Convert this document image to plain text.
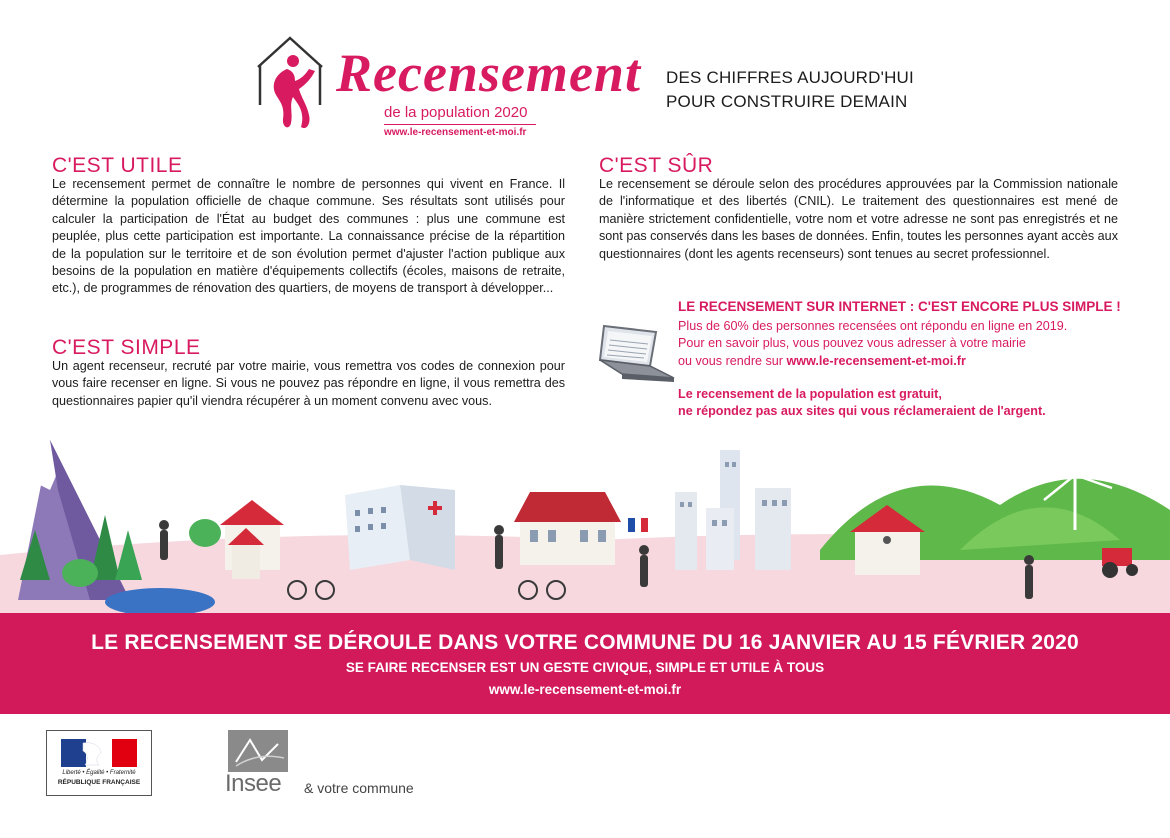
Recensement
de la population 2020
www.le-recensement-et-moi.fr
DES CHIFFRES AUJOURD'HUI
POUR CONSTRUIRE DEMAIN
C'EST UTILE
Le recensement permet de connaître le nombre de personnes qui vivent en France. Il détermine la population officielle de chaque commune. Ses résultats sont utilisés pour calculer la participation de l'État au budget des communes : plus une commune est peuplée, plus cette participation est importante. La connaissance précise de la répartition de la population sur le territoire et de son évolution permet d'ajuster l'action publique aux besoins de la population en matière d'équipements collectifs (écoles, maisons de retraite, etc.), de programmes de rénovation des quartiers, de moyens de transport à développer...
C'EST SIMPLE
Un agent recenseur, recruté par votre mairie, vous remettra vos codes de connexion pour vous faire recenser en ligne. Si vous ne pouvez pas répondre en ligne, il vous remettra des questionnaires papier qu'il viendra récupérer à un moment convenu avec vous.
C'EST SÛR
Le recensement se déroule selon des procédures approuvées par la Commission nationale de l'informatique et des libertés (CNIL). Le traitement des questionnaires est mené de manière strictement confidentielle, votre nom et votre adresse ne sont pas enregistrés et ne sont pas conservés dans les bases de données. Enfin, toutes les personnes ayant accès aux questionnaires (dont les agents recenseurs) sont tenues au secret professionnel.
LE RECENSEMENT SUR INTERNET : C'EST ENCORE PLUS SIMPLE !
Plus de 60% des personnes recensées ont répondu en ligne en 2019.
Pour en savoir plus, vous pouvez vous adresser à votre mairie
ou vous rendre sur www.le-recensement-et-moi.fr
Le recensement de la population est gratuit,
ne répondez pas aux sites qui vous réclameraient de l'argent.
LE RECENSEMENT SE DÉROULE DANS VOTRE COMMUNE DU 16 JANVIER AU 15 FÉVRIER 2020
SE FAIRE RECENSER EST UN GESTE CIVIQUE, SIMPLE ET UTILE À TOUS
www.le-recensement-et-moi.fr
Liberté • Égalité • Fraternité
RÉPUBLIQUE FRANÇAISE	Insee & votre commune
